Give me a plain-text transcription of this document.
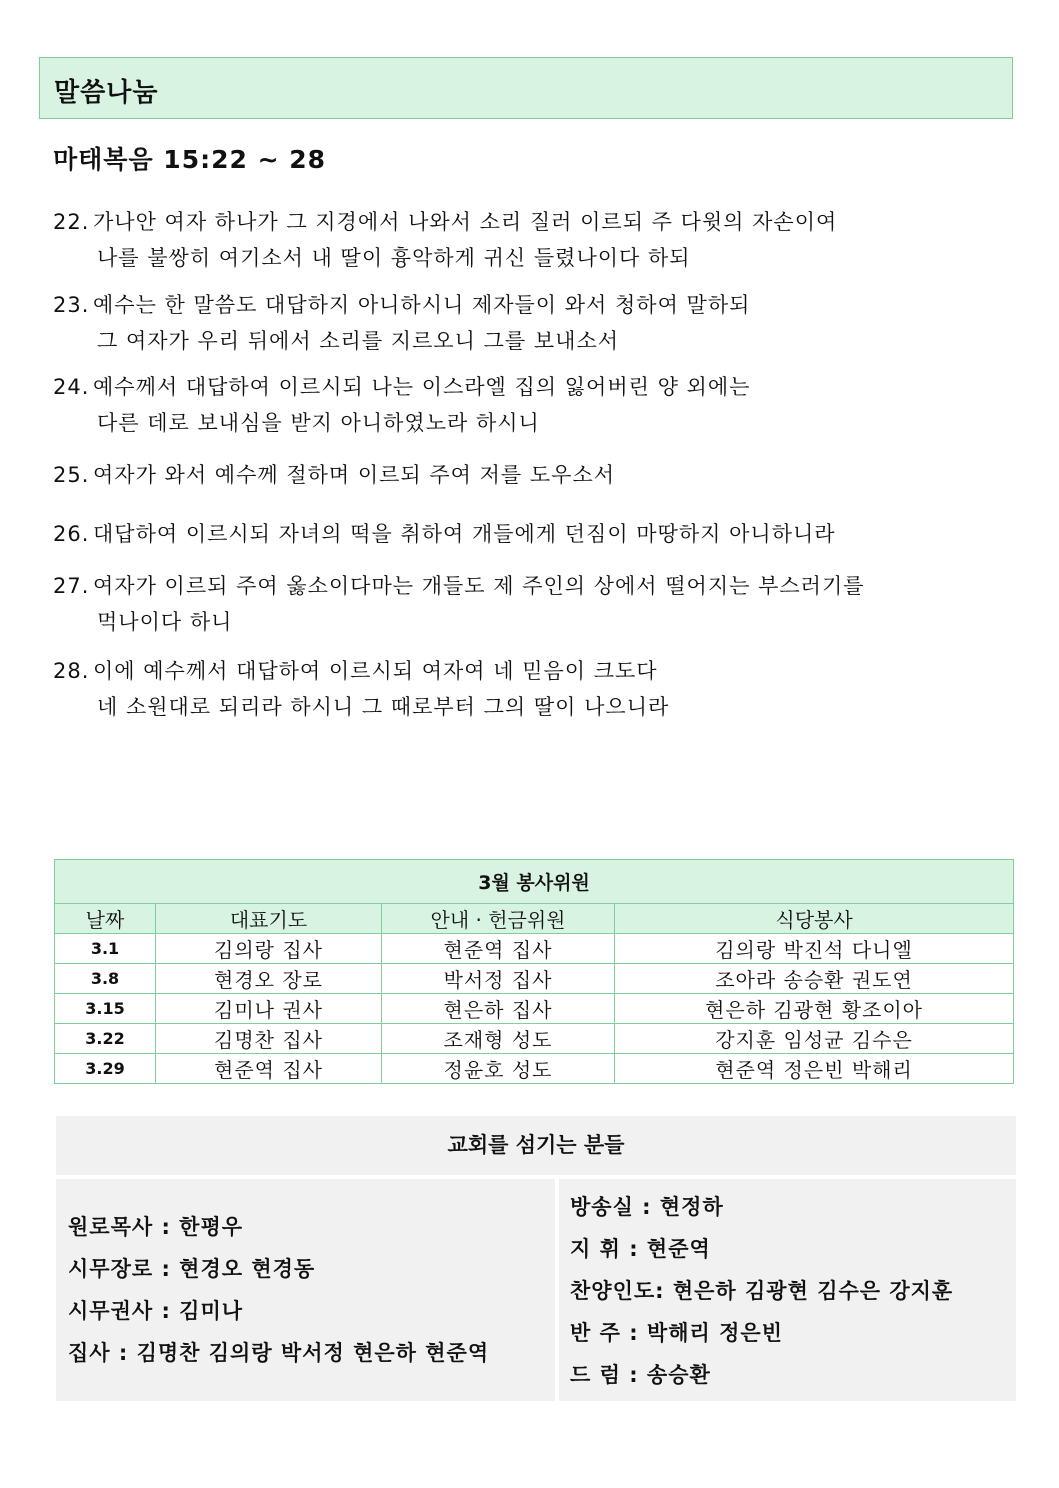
말씀나눔
마태복음 15:22 ~ 28
22. 가나안 여자 하나가 그 지경에서 나와서 소리 질러 이르되 주 다윗의 자손이여
나를 불쌍히 여기소서 내 딸이 흉악하게 귀신 들렸나이다 하되
23. 예수는 한 말씀도 대답하지 아니하시니 제자들이 와서 청하여 말하되
그 여자가 우리 뒤에서 소리를 지르오니 그를 보내소서
24. 예수께서 대답하여 이르시되 나는 이스라엘 집의 잃어버린 양 외에는
다른 데로 보내심을 받지 아니하였노라 하시니
25. 여자가 와서 예수께 절하며 이르되 주여 저를 도우소서
26. 대답하여 이르시되 자녀의 떡을 취하여 개들에게 던짐이 마땅하지 아니하니라
27. 여자가 이르되 주여 옳소이다마는 개들도 제 주인의 상에서 떨어지는 부스러기를
먹나이다 하니
28. 이에 예수께서 대답하여 이르시되 여자여 네 믿음이 크도다
네 소원대로 되리라 하시니 그 때로부터 그의 딸이 나으니라
3월 봉사위원			
날짜	대표기도	안내 · 헌금위원	식당봉사
3.1	김의랑 집사	현준역 집사	김의랑 박진석 다니엘
3.8	현경오 장로	박서정 집사	조아라 송승환 권도연
3.15	김미나 권사	현은하 집사	현은하 김광현 황조이아
3.22	김명찬 집사	조재형 성도	강지훈 임성균 김수은
3.29	현준역 집사	정윤호 성도	현준역 정은빈 박해리
교회를 섬기는 분들
원로목사 : 한평우
시무장로 : 현경오 현경동
시무권사 : 김미나
집사 : 김명찬 김의랑 박서정 현은하 현준역
방송실 : 현정하
지 휘 : 현준역
찬양인도: 현은하 김광현 김수은 강지훈
반 주 : 박해리 정은빈
드 럼 : 송승환
